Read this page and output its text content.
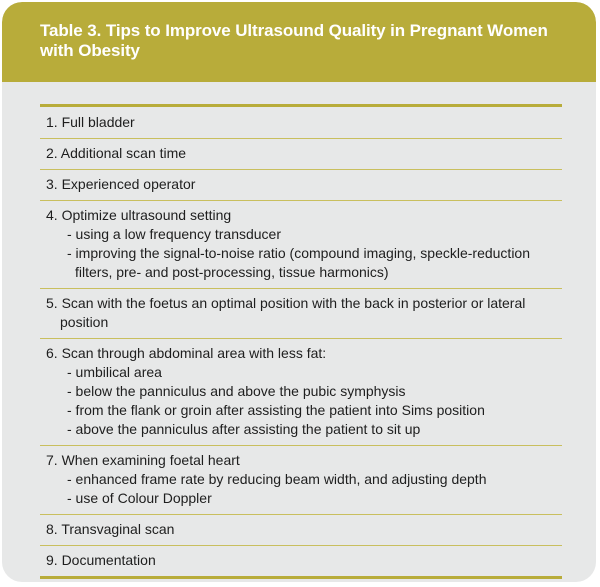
Table 3. Tips to Improve Ultrasound Quality in Pregnant Women with Obesity
1. Full bladder
2. Additional scan time
3. Experienced operator
4. Optimize ultrasound setting
- using a low frequency transducer
- improving the signal-to-noise ratio (compound imaging, speckle-reduction filters, pre- and post-processing, tissue harmonics)
5. Scan with the foetus an optimal position with the back in posterior or lateral position
6. Scan through abdominal area with less fat:
- umbilical area
- below the panniculus and above the pubic symphysis
- from the flank or groin after assisting the patient into Sims position
- above the panniculus after assisting the patient to sit up
7. When examining foetal heart
- enhanced frame rate by reducing beam width, and adjusting depth
- use of Colour Doppler
8. Transvaginal scan
9. Documentation
